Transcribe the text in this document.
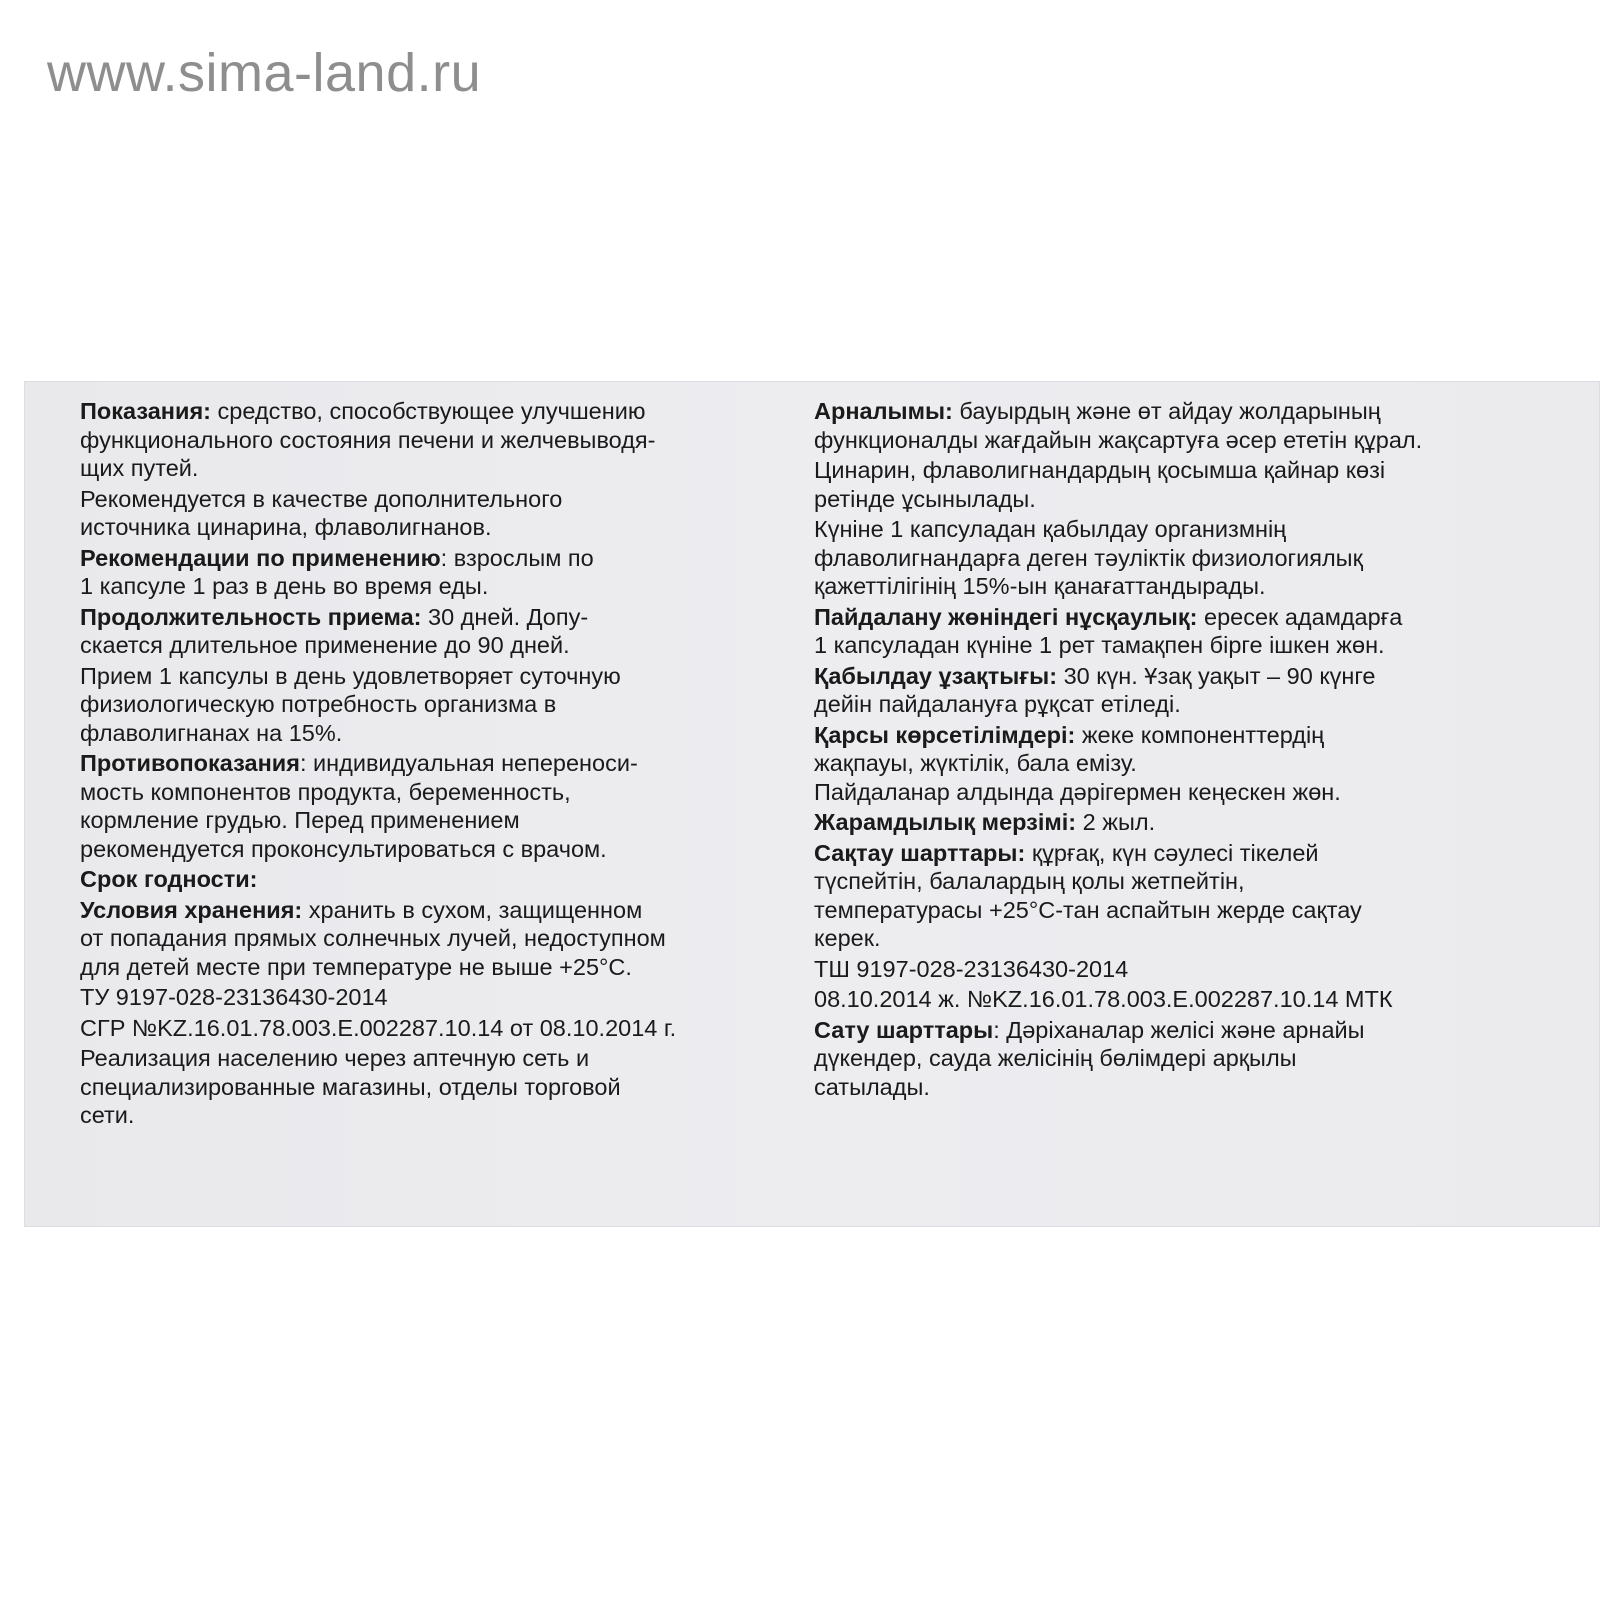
www.sima-land.ru

Показания: средство, способствующее улучшению
функционального состояния печени и желчевыводя-
щих путей.

Рекомендуется в качестве дополнительного
источника цинарина, флаволигнанов.

Рекомендации по применению: взрослым по
1 капсуле 1 раз в день во время еды.

Продолжительность приема: 30 дней. Допу-
скается длительное применение до 90 дней.

Прием 1 капсулы в день удовлетворяет суточную
физиологическую потребность организма в
флаволигнанах на 15%.

Противопоказания: индивидуальная непереноси-
мость компонентов продукта, беременность,
кормление грудью. Перед применением
рекомендуется проконсультироваться с врачом.

Срок годности:

Условия хранения: хранить в сухом, защищенном
от попадания прямых солнечных лучей, недоступном
для детей месте при температуре не выше +25°С.

ТУ 9197-028-23136430-2014

СГР №KZ.16.01.78.003.E.002287.10.14 от 08.10.2014 г.

Реализация населению через аптечную сеть и
специализированные магазины, отделы торговой
сети.

Арналымы: бауырдың және өт айдау жолдарының
функционалды жағдайын жақсартуға әсер ететін құрал.

Цинарин, флаволигнандардың қосымша қайнар көзі
ретінде ұсынылады.

Күніне 1 капсуладан қабылдау организмнің
флаволигнандарға деген тәуліктік физиологиялық
қажеттілігінің 15%-ын қанағаттандырады.

Пайдалану жөніндегі нұсқаулық: ересек адамдарға
1 капсуладан күніне 1 рет тамақпен бірге ішкен жөн.

Қабылдау ұзақтығы: 30 күн. Ұзақ уақыт – 90 күнге
дейін пайдалануға рұқсат етіледі.

Қарсы көрсетілімдері: жеке компоненттердің
жақпауы, жүктілік, бала емізу.
Пайдаланар алдында дәрігермен кеңескен жөн.

Жарамдылық мерзімі: 2 жыл.

Сақтау шарттары: құрғақ, күн сәулесі тікелей
түспейтін, балалардың қолы жетпейтін,
температурасы +25°С-тан аспайтын жерде сақтау
керек.

ТШ 9197-028-23136430-2014

08.10.2014 ж. №KZ.16.01.78.003.E.002287.10.14 МТК

Сату шарттары: Дәріханалар желісі және арнайы
дүкендер, сауда желісінің бөлімдері арқылы
сатылады.
